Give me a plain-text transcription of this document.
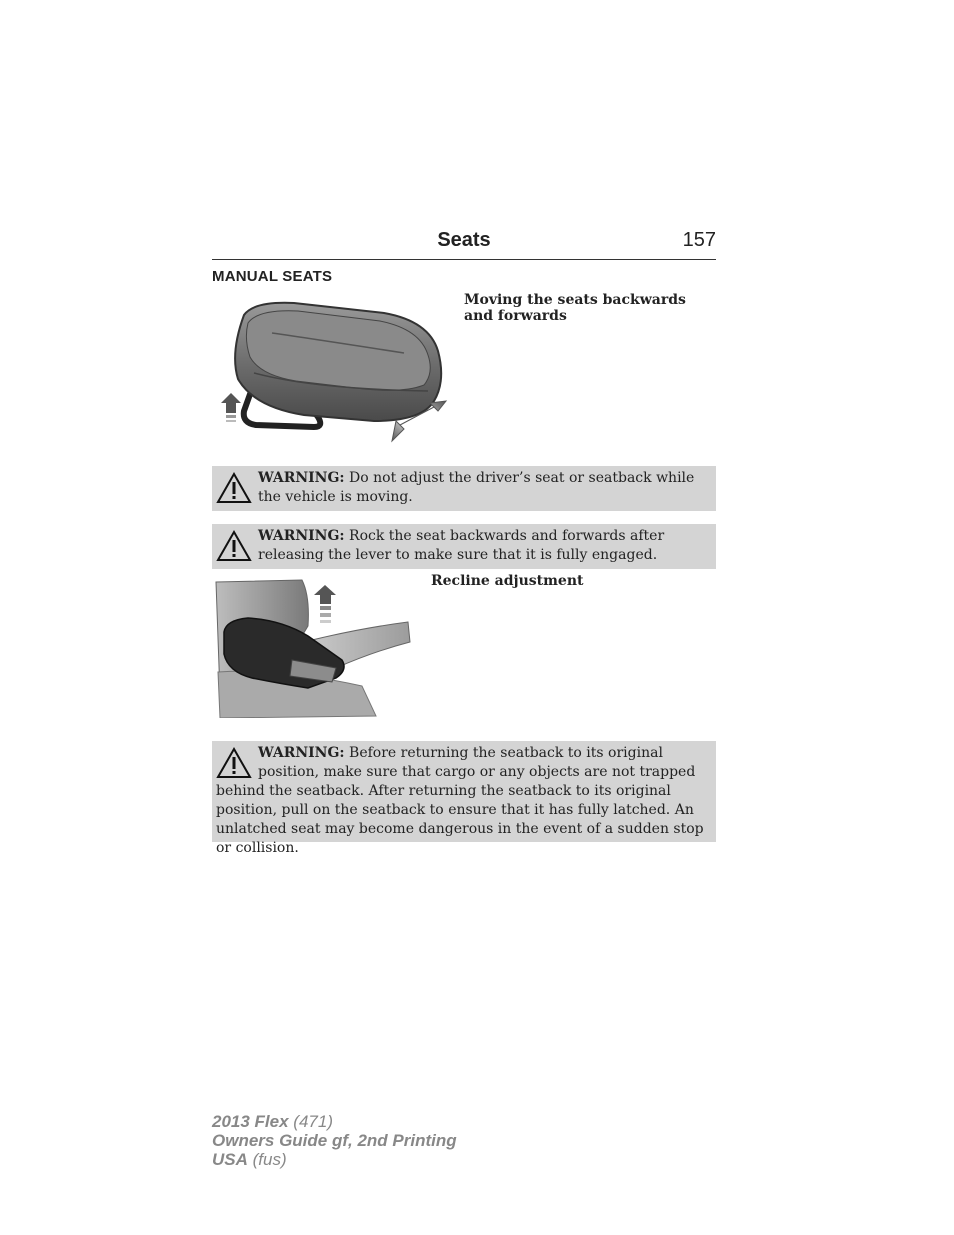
Seats	157
MANUAL SEATS
Moving the seats backwards and forwards
WARNING: Do not adjust the driver’s seat or seatback while the vehicle is moving.
WARNING: Rock the seat backwards and forwards after releasing the lever to make sure that it is fully engaged.
Recline adjustment
WARNING: Before returning the seatback to its original position, make sure that cargo or any objects are not trapped behind the seatback. After returning the seatback to its original position, pull on the seatback to ensure that it has fully latched. An unlatched seat may become dangerous in the event of a sudden stop or collision.
2013 Flex (471)
Owners Guide gf, 2nd Printing
USA (fus)
